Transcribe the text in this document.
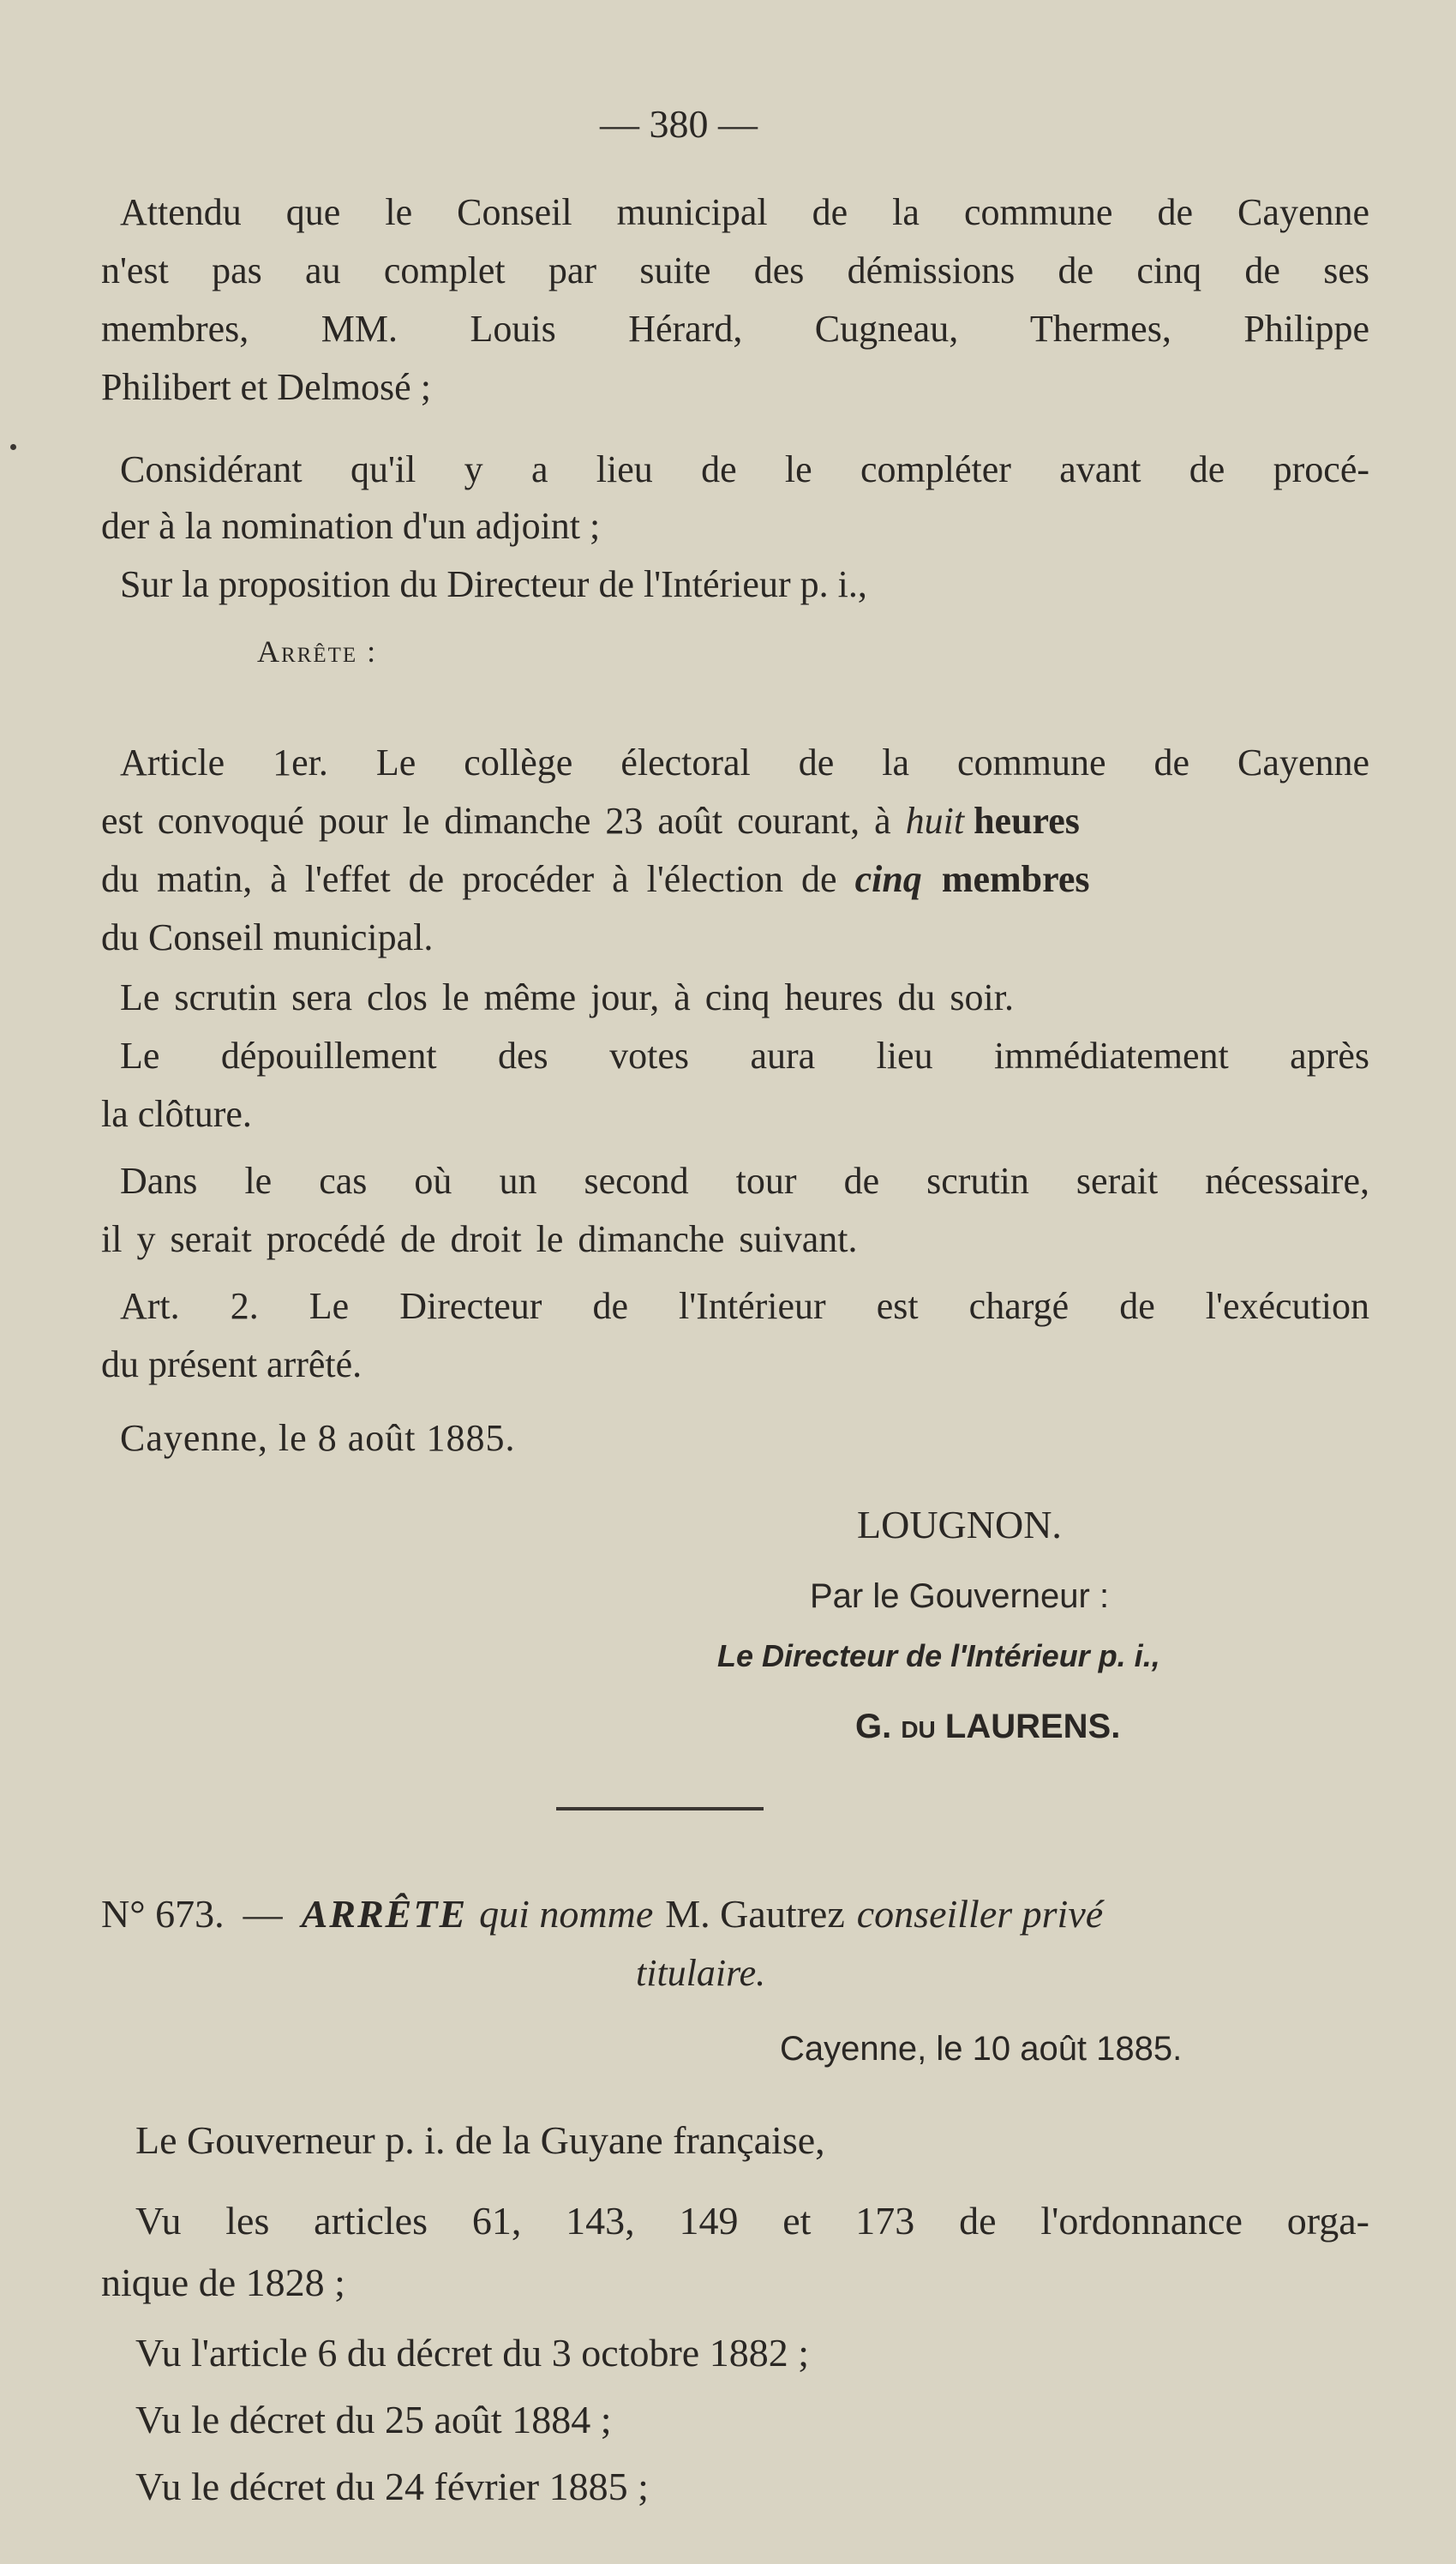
— 380 —
Attendu que le Conseil municipal de la commune de Cayenne
n'est pas au complet par suite des démissions de cinq de ses
membres, MM. Louis Hérard, Cugneau, Thermes, Philippe
Philibert et Delmosé ;
Considérant qu'il y a lieu de le compléter avant de procé-
der à la nomination d'un adjoint ;
Sur la proposition du Directeur de l'Intérieur p. i.,
Arrête :
Article 1er. Le collège électoral de la commune de Cayenne
est convoqué pour le dimanche 23 août courant, à huit heures
du matin, à l'effet de procéder à l'élection de cinq membres
du Conseil municipal.
Le scrutin sera clos le même jour, à cinq heures du soir.
Le dépouillement des votes aura lieu immédiatement après
la clôture.
Dans le cas où un second tour de scrutin serait nécessaire,
il y serait procédé de droit le dimanche suivant.
Art. 2. Le Directeur de l'Intérieur est chargé de l'exécution
du présent arrêté.
Cayenne, le 8 août 1885.
LOUGNON.
Par le Gouverneur :
Le Directeur de l'Intérieur p. i.,
G. du LAURENS.
N° 673. — ARRÊTE qui nomme M. Gautrez conseiller privé
titulaire.
Cayenne, le 10 août 1885.
Le Gouverneur p. i. de la Guyane française,
Vu les articles 61, 143, 149 et 173 de l'ordonnance orga-
nique de 1828 ;
Vu l'article 6 du décret du 3 octobre 1882 ;
Vu le décret du 25 août 1884 ;
Vu le décret du 24 février 1885 ;
